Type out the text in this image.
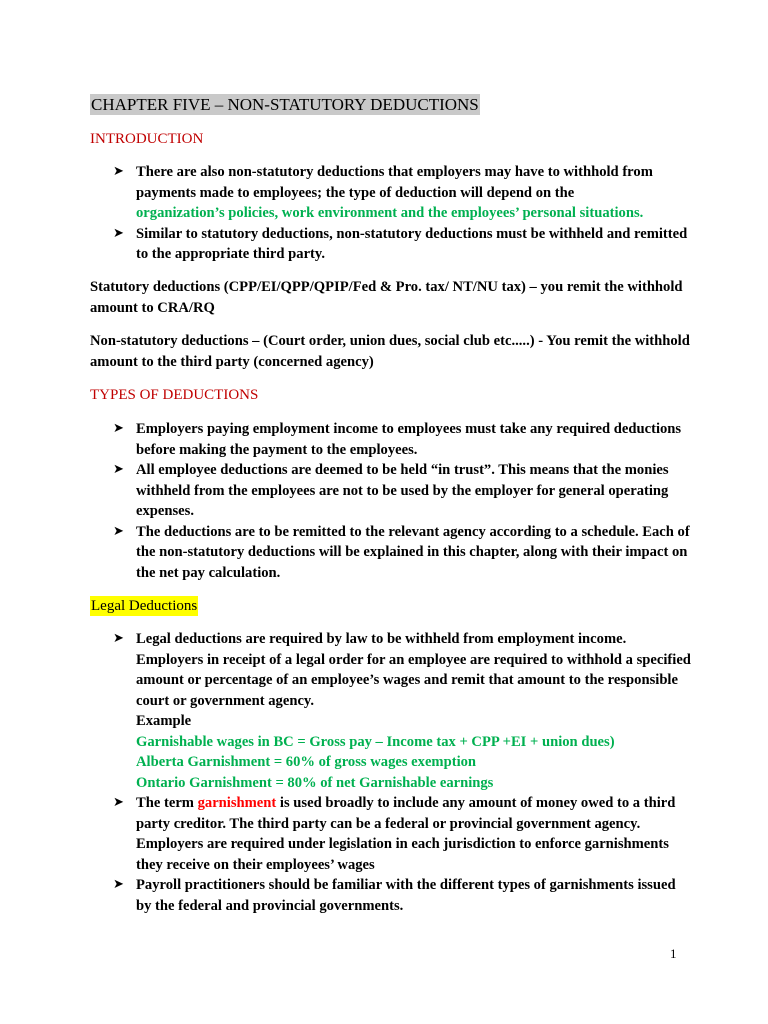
CHAPTER FIVE – NON-STATUTORY DEDUCTIONS
INTRODUCTION
➤ There are also non-statutory deductions that employers may have to withhold from payments made to employees; the type of deduction will depend on the
organization’s policies, work environment and the employees’ personal situations.
➤ Similar to statutory deductions, non-statutory deductions must be withheld and remitted to the appropriate third party.
Statutory deductions (CPP/EI/QPP/QPIP/Fed & Pro. tax/ NT/NU tax) – you remit the withhold amount to CRA/RQ
Non-statutory deductions – (Court order, union dues, social club etc.....) - You remit the withhold amount to the third party (concerned agency)
TYPES OF DEDUCTIONS
➤ Employers paying employment income to employees must take any required deductions before making the payment to the employees.
➤ All employee deductions are deemed to be held “in trust”. This means that the monies withheld from the employees are not to be used by the employer for general operating expenses.
➤ The deductions are to be remitted to the relevant agency according to a schedule. Each of the non-statutory deductions will be explained in this chapter, along with their impact on the net pay calculation.
Legal Deductions
➤ Legal deductions are required by law to be withheld from employment income. Employers in receipt of a legal order for an employee are required to withhold a specified amount or percentage of an employee’s wages and remit that amount to the responsible court or government agency.
Example
Garnishable wages in BC = Gross pay – Income tax + CPP +EI + union dues)
Alberta Garnishment = 60% of gross wages exemption
Ontario Garnishment = 80% of net Garnishable earnings
➤ The term garnishment is used broadly to include any amount of money owed to a third party creditor. The third party can be a federal or provincial government agency. Employers are required under legislation in each jurisdiction to enforce garnishments they receive on their employees’ wages
➤ Payroll practitioners should be familiar with the different types of garnishments issued by the federal and provincial governments.
1
